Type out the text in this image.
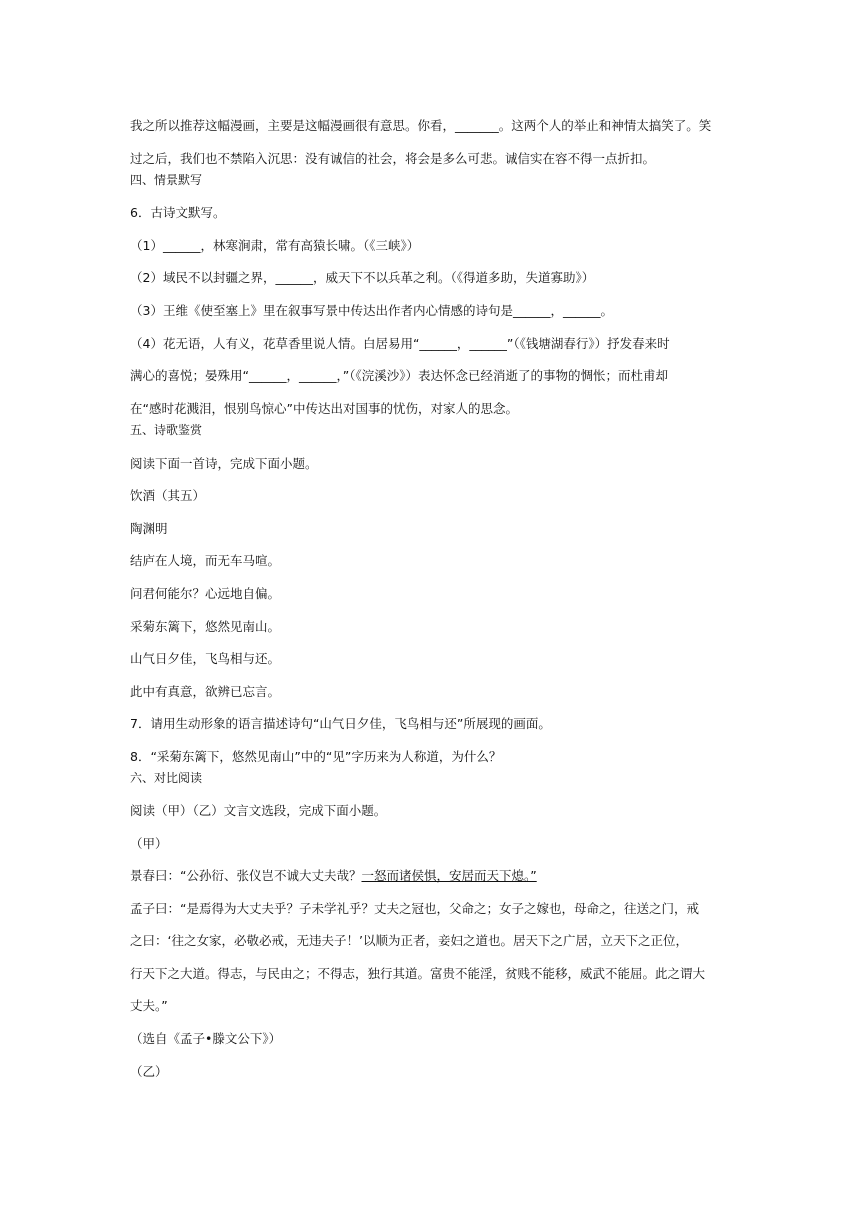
我之所以推荐这幅漫画，主要是这幅漫画很有意思。你看，_______。这两个人的举止和神情太搞笑了。笑
过之后，我们也不禁陷入沉思：没有诚信的社会，将会是多么可悲。诚信实在容不得一点折扣。
四、情景默写
6．古诗文默写。
（1）______，林寒涧肃，常有高猿长啸。（《三峡》）
（2）域民不以封疆之界，______，威天下不以兵革之利。（《得道多助，失道寡助》）
（3）王维《使至塞上》里在叙事写景中传达出作者内心情感的诗句是______，______。
（4）花无语，人有义，花草香里说人情。白居易用“______，______”（《钱塘湖春行》）抒发春来时
满心的喜悦；晏殊用“______，______，”（《浣溪沙》）表达怀念已经消逝了的事物的惆怅；而杜甫却
在“感时花溅泪，恨别鸟惊心”中传达出对国事的忧伤，对家人的思念。
五、诗歌鉴赏
阅读下面一首诗，完成下面小题。
饮酒（其五）
陶渊明
结庐在人境，而无车马喧。
问君何能尔？心远地自偏。
采菊东篱下，悠然见南山。
山气日夕佳，飞鸟相与还。
此中有真意，欲辨已忘言。
7．请用生动形象的语言描述诗句“山气日夕佳，飞鸟相与还”所展现的画面。
8．“采菊东篱下，悠然见南山”中的“见”字历来为人称道，为什么？
六、对比阅读
阅读（甲）（乙）文言文选段，完成下面小题。
（甲）
景春曰：“公孙衍、张仪岂不诚大丈夫哉？一怒而诸侯惧，安居而天下熄。”
孟子曰：“是焉得为大丈夫乎？子未学礼乎？丈夫之冠也，父命之；女子之嫁也，母命之，往送之门，戒
之曰：‘往之女家，必敬必戒，无违夫子！’以顺为正者，妾妇之道也。居天下之广居，立天下之正位，
行天下之大道。得志，与民由之；不得志，独行其道。富贵不能淫，贫贱不能移，威武不能屈。此之谓大
丈夫。”
（选自《孟子•滕文公下》）
（乙）
